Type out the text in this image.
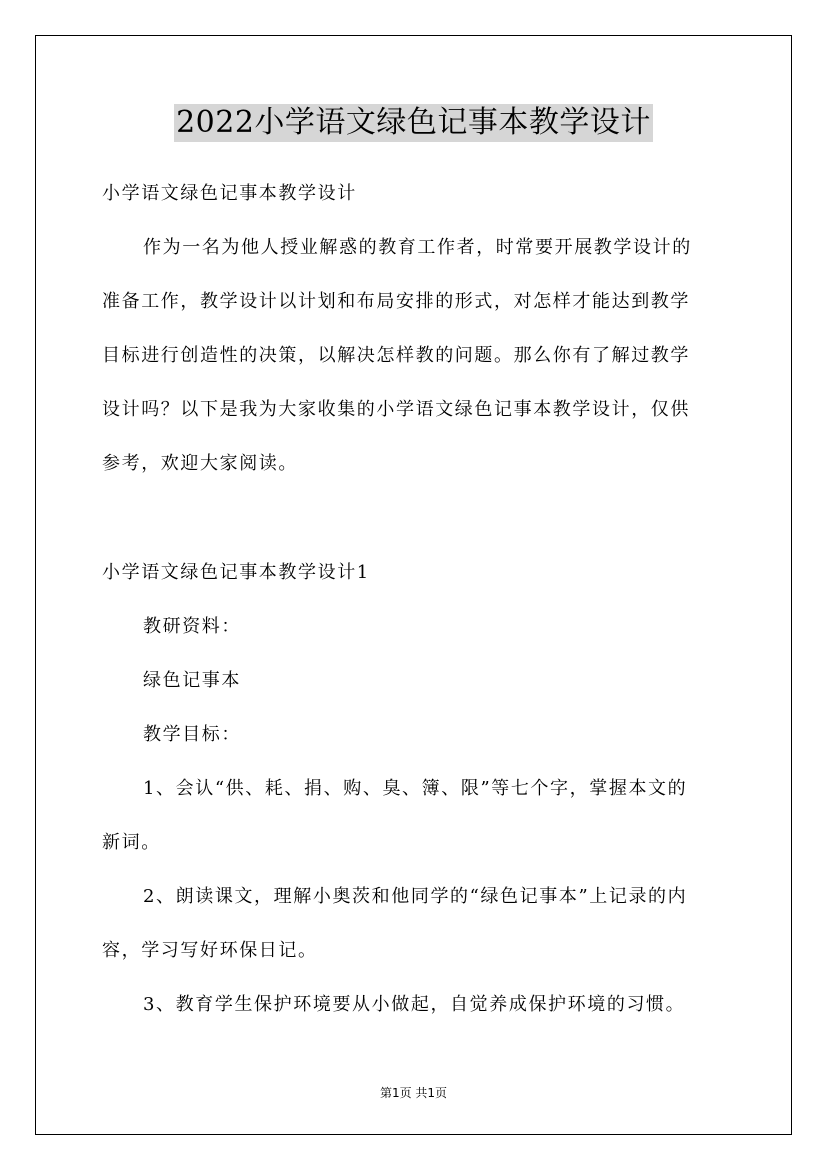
2022小学语文绿色记事本教学设计
小学语文绿色记事本教学设计
作为一名为他人授业解惑的教育工作者，时常要开展教学设计的
准备工作，教学设计以计划和布局安排的形式，对怎样才能达到教学
目标进行创造性的决策，以解决怎样教的问题。那么你有了解过教学
设计吗？以下是我为大家收集的小学语文绿色记事本教学设计，仅供
参考，欢迎大家阅读。
小学语文绿色记事本教学设计1
教研资料：
绿色记事本
教学目标：
1、会认“供、耗、捐、购、臭、簿、限”等七个字，掌握本文的
新词。
2、朗读课文，理解小奥茨和他同学的“绿色记事本”上记录的内
容，学习写好环保日记。
3、教育学生保护环境要从小做起，自觉养成保护环境的习惯。
第1页 共1页
